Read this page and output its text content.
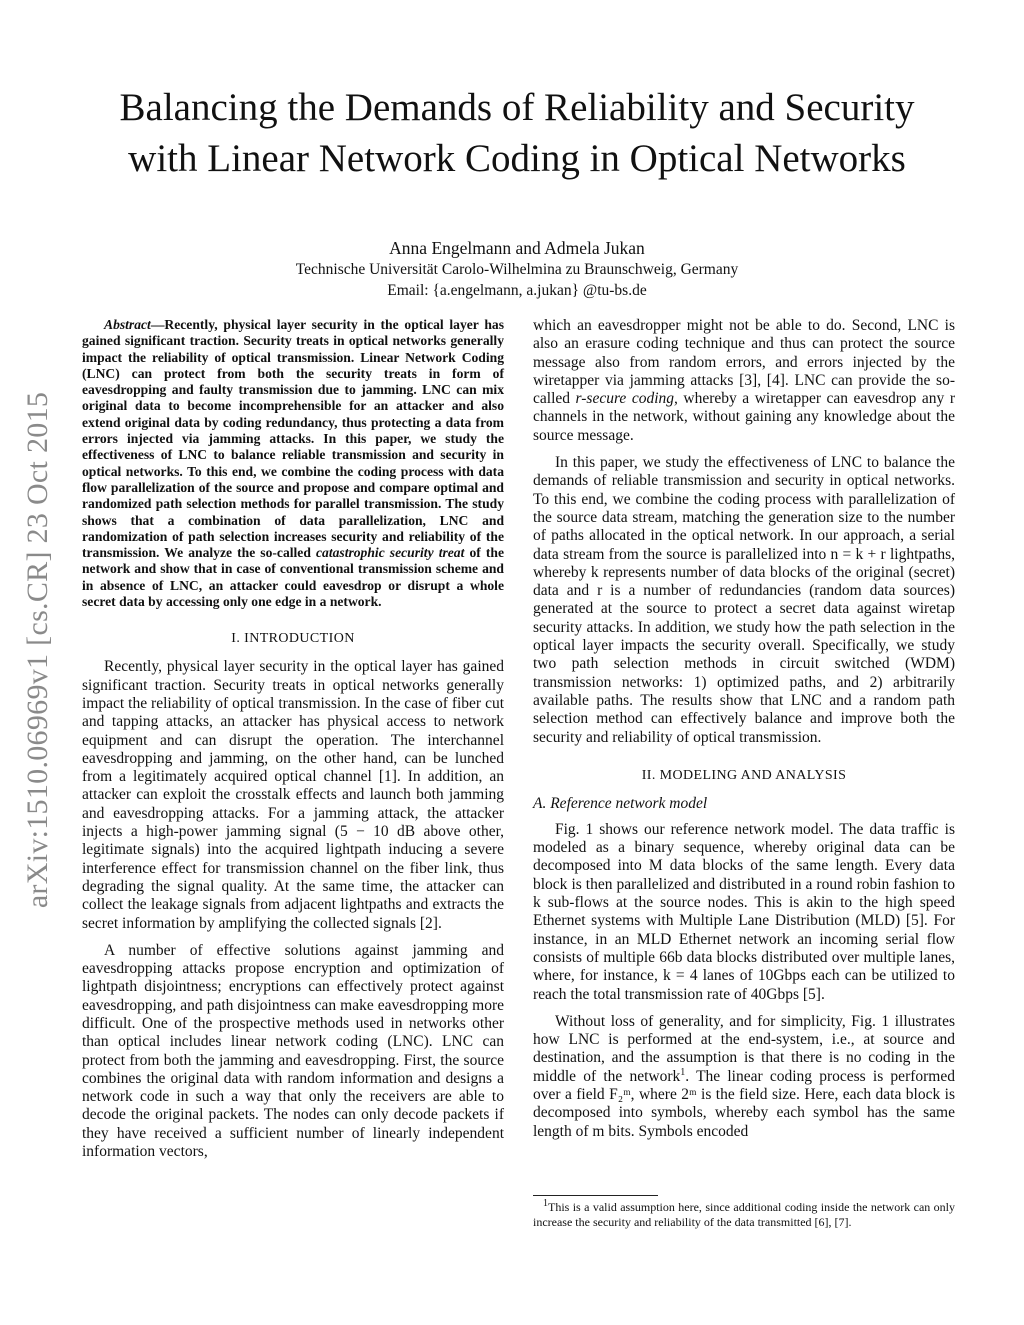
arXiv:1510.06969v1 [cs.CR] 23 Oct 2015
Balancing the Demands of Reliability and Security
with Linear Network Coding in Optical Networks
Anna Engelmann and Admela Jukan
Technische Universität Carolo-Wilhelmina zu Braunschweig, Germany
Email: {a.engelmann, a.jukan} @tu-bs.de

Abstract—Recently, physical layer security in the optical layer has gained significant traction. Security treats in optical networks generally impact the reliability of optical transmission. Linear Network Coding (LNC) can protect from both the security treats in form of eavesdropping and faulty transmission due to jamming. LNC can mix original data to become incomprehensible for an attacker and also extend original data by coding redundancy, thus protecting a data from errors injected via jamming attacks. In this paper, we study the effectiveness of LNC to balance reliable transmission and security in optical networks. To this end, we combine the coding process with data flow parallelization of the source and propose and compare optimal and randomized path selection methods for parallel transmission. The study shows that a combination of data parallelization, LNC and randomization of path selection increases security and reliability of the transmission. We analyze the so-called catastrophic security treat of the network and show that in case of conventional transmission scheme and in absence of LNC, an attacker could eavesdrop or disrupt a whole secret data by accessing only one edge in a network.

I. INTRODUCTION

Recently, physical layer security in the optical layer has gained significant traction. Security treats in optical networks generally impact the reliability of optical transmission. In the case of fiber cut and tapping attacks, an attacker has physical access to network equipment and can disrupt the operation. The interchannel eavesdropping and jamming, on the other hand, can be lunched from a legitimately acquired optical channel [1]. In addition, an attacker can exploit the crosstalk effects and launch both jamming and eavesdropping attacks. For a jamming attack, the attacker injects a high-power jamming signal (5 − 10 dB above other, legitimate signals) into the acquired lightpath inducing a severe interference effect for transmission channel on the fiber link, thus degrading the signal quality. At the same time, the attacker can collect the leakage signals from adjacent lightpaths and extracts the secret information by amplifying the collected signals [2].

A number of effective solutions against jamming and eavesdropping attacks propose encryption and optimization of lightpath disjointness; encryptions can effectively protect against eavesdropping, and path disjointness can make eavesdropping more difficult. One of the prospective methods used in networks other than optical includes linear network coding (LNC). LNC can protect from both the jamming and eavesdropping. First, the source combines the original data with random information and designs a network code in such a way that only the receivers are able to decode the original packets. The nodes can only decode packets if they have received a sufficient number of linearly independent information vectors,

which an eavesdropper might not be able to do. Second, LNC is also an erasure coding technique and thus can protect the source message also from random errors, and errors injected by the wiretapper via jamming attacks [3], [4]. LNC can provide the so-called r-secure coding, whereby a wiretapper can eavesdrop any r channels in the network, without gaining any knowledge about the source message.

In this paper, we study the effectiveness of LNC to balance the demands of reliable transmission and security in optical networks. To this end, we combine the coding process with parallelization of the source data stream, matching the generation size to the number of paths allocated in the optical network. In our approach, a serial data stream from the source is parallelized into n = k + r lightpaths, whereby k represents number of data blocks of the original (secret) data and r is a number of redundancies (random data sources) generated at the source to protect a secret data against wiretap security attacks. In addition, we study how the path selection in the optical layer impacts the security overall. Specifically, we study two path selection methods in circuit switched (WDM) transmission networks: 1) optimized paths, and 2) arbitrarily available paths. The results show that LNC and a random path selection method can effectively balance and improve both the security and reliability of optical transmission.

II. MODELING AND ANALYSIS
A. Reference network model

Fig. 1 shows our reference network model. The data traffic is modeled as a binary sequence, whereby original data can be decomposed into M data blocks of the same length. Every data block is then parallelized and distributed in a round robin fashion to k sub-flows at the source nodes. This is akin to the high speed Ethernet systems with Multiple Lane Distribution (MLD) [5]. For instance, in an MLD Ethernet network an incoming serial flow consists of multiple 66b data blocks distributed over multiple lanes, where, for instance, k = 4 lanes of 10Gbps each can be utilized to reach the total transmission rate of 40Gbps [5].

Without loss of generality, and for simplicity, Fig. 1 illustrates how LNC is performed at the end-system, i.e., at source and destination, and the assumption is that there is no coding in the middle of the network$^1$. The linear coding process is performed over a field F₂ᵐ, where 2ᵐ is the field size. Here, each data block is decomposed into symbols, whereby each symbol has the same length of m bits. Symbols encoded

$^1$This is a valid assumption here, since additional coding inside the network can only increase the security and reliability of the data transmitted [6], [7].
